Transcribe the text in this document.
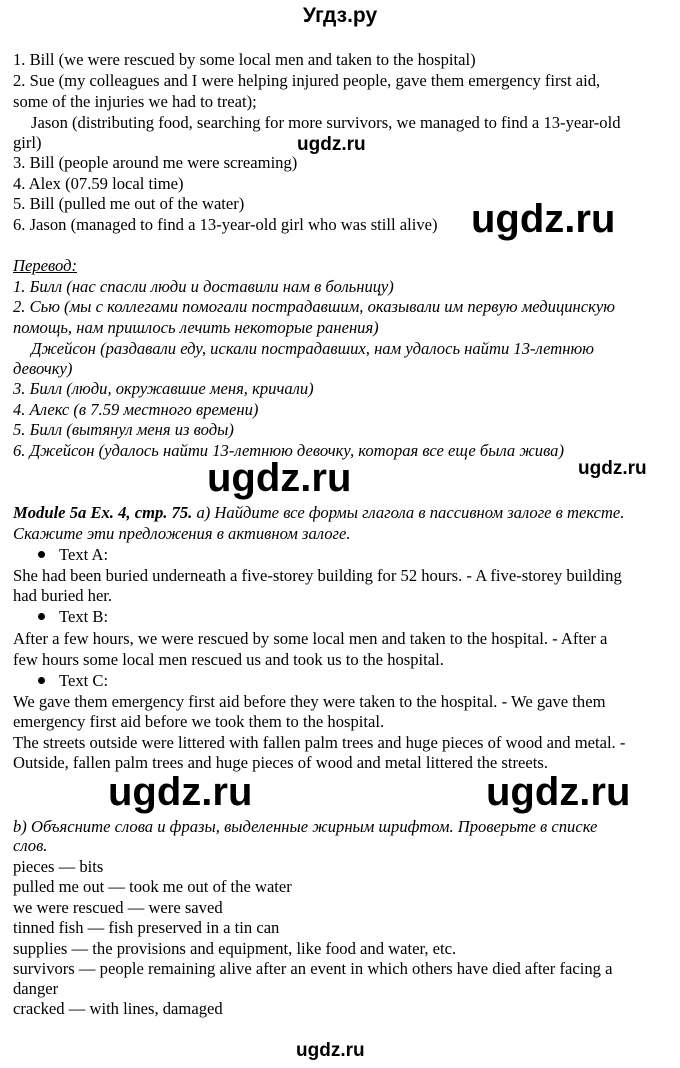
Угдз.ру
1. Bill (we were rescued by some local men and taken to the hospital)
2. Sue (my colleagues and I were helping injured people, gave them emergency first aid,
some of the injuries we had to treat);
Jason (distributing food, searching for more survivors, we managed to find a 13-year-old
girl)
3. Bill (people around me were screaming)
4. Alex (07.59 local time)
5. Bill (pulled me out of the water)
6. Jason (managed to find a 13-year-old girl who was still alive)
Перевод:
1. Билл (нас спасли люди и доставили нам в больницу)
2. Сью (мы с коллегами помогали пострадавшим, оказывали им первую медицинскую
помощь, нам пришлось лечить некоторые ранения)
Джейсон (раздавали еду, искали пострадавших, нам удалось найти 13-летнюю
девочку)
3. Билл (люди, окружавшие меня, кричали)
4. Алекс (в 7.59 местного времени)
5. Билл (вытянул меня из воды)
6. Джейсон (удалось найти 13-летнюю девочку, которая все еще была жива)
Module 5a Ex. 4, стр. 75. а) Найдите все формы глагола в пассивном залоге в тексте.
Скажите эти предложения в активном залоге.
Text A:
She had been buried underneath a five-storey building for 52 hours. - A five-storey building
had buried her.
Text B:
After a few hours, we were rescued by some local men and taken to the hospital. - After a
few hours some local men rescued us and took us to the hospital.
Text C:
We gave them emergency first aid before they were taken to the hospital. - We gave them
emergency first aid before we took them to the hospital.
The streets outside were littered with fallen palm trees and huge pieces of wood and metal. -
Outside, fallen palm trees and huge pieces of wood and metal littered the streets.
b) Объясните слова и фразы, выделенные жирным шрифтом. Проверьте в списке
слов.
pieces — bits
pulled me out — took me out of the water
we were rescued — were saved
tinned fish — fish preserved in a tin can
supplies — the provisions and equipment, like food and water, etc.
survivors — people remaining alive after an event in which others have died after facing a
danger
cracked — with lines, damaged
ugdz.ru
ugdz.ru
ugdz.ru	ugdz.ru
ugdz.ru	ugdz.ru
ugdz.ru
